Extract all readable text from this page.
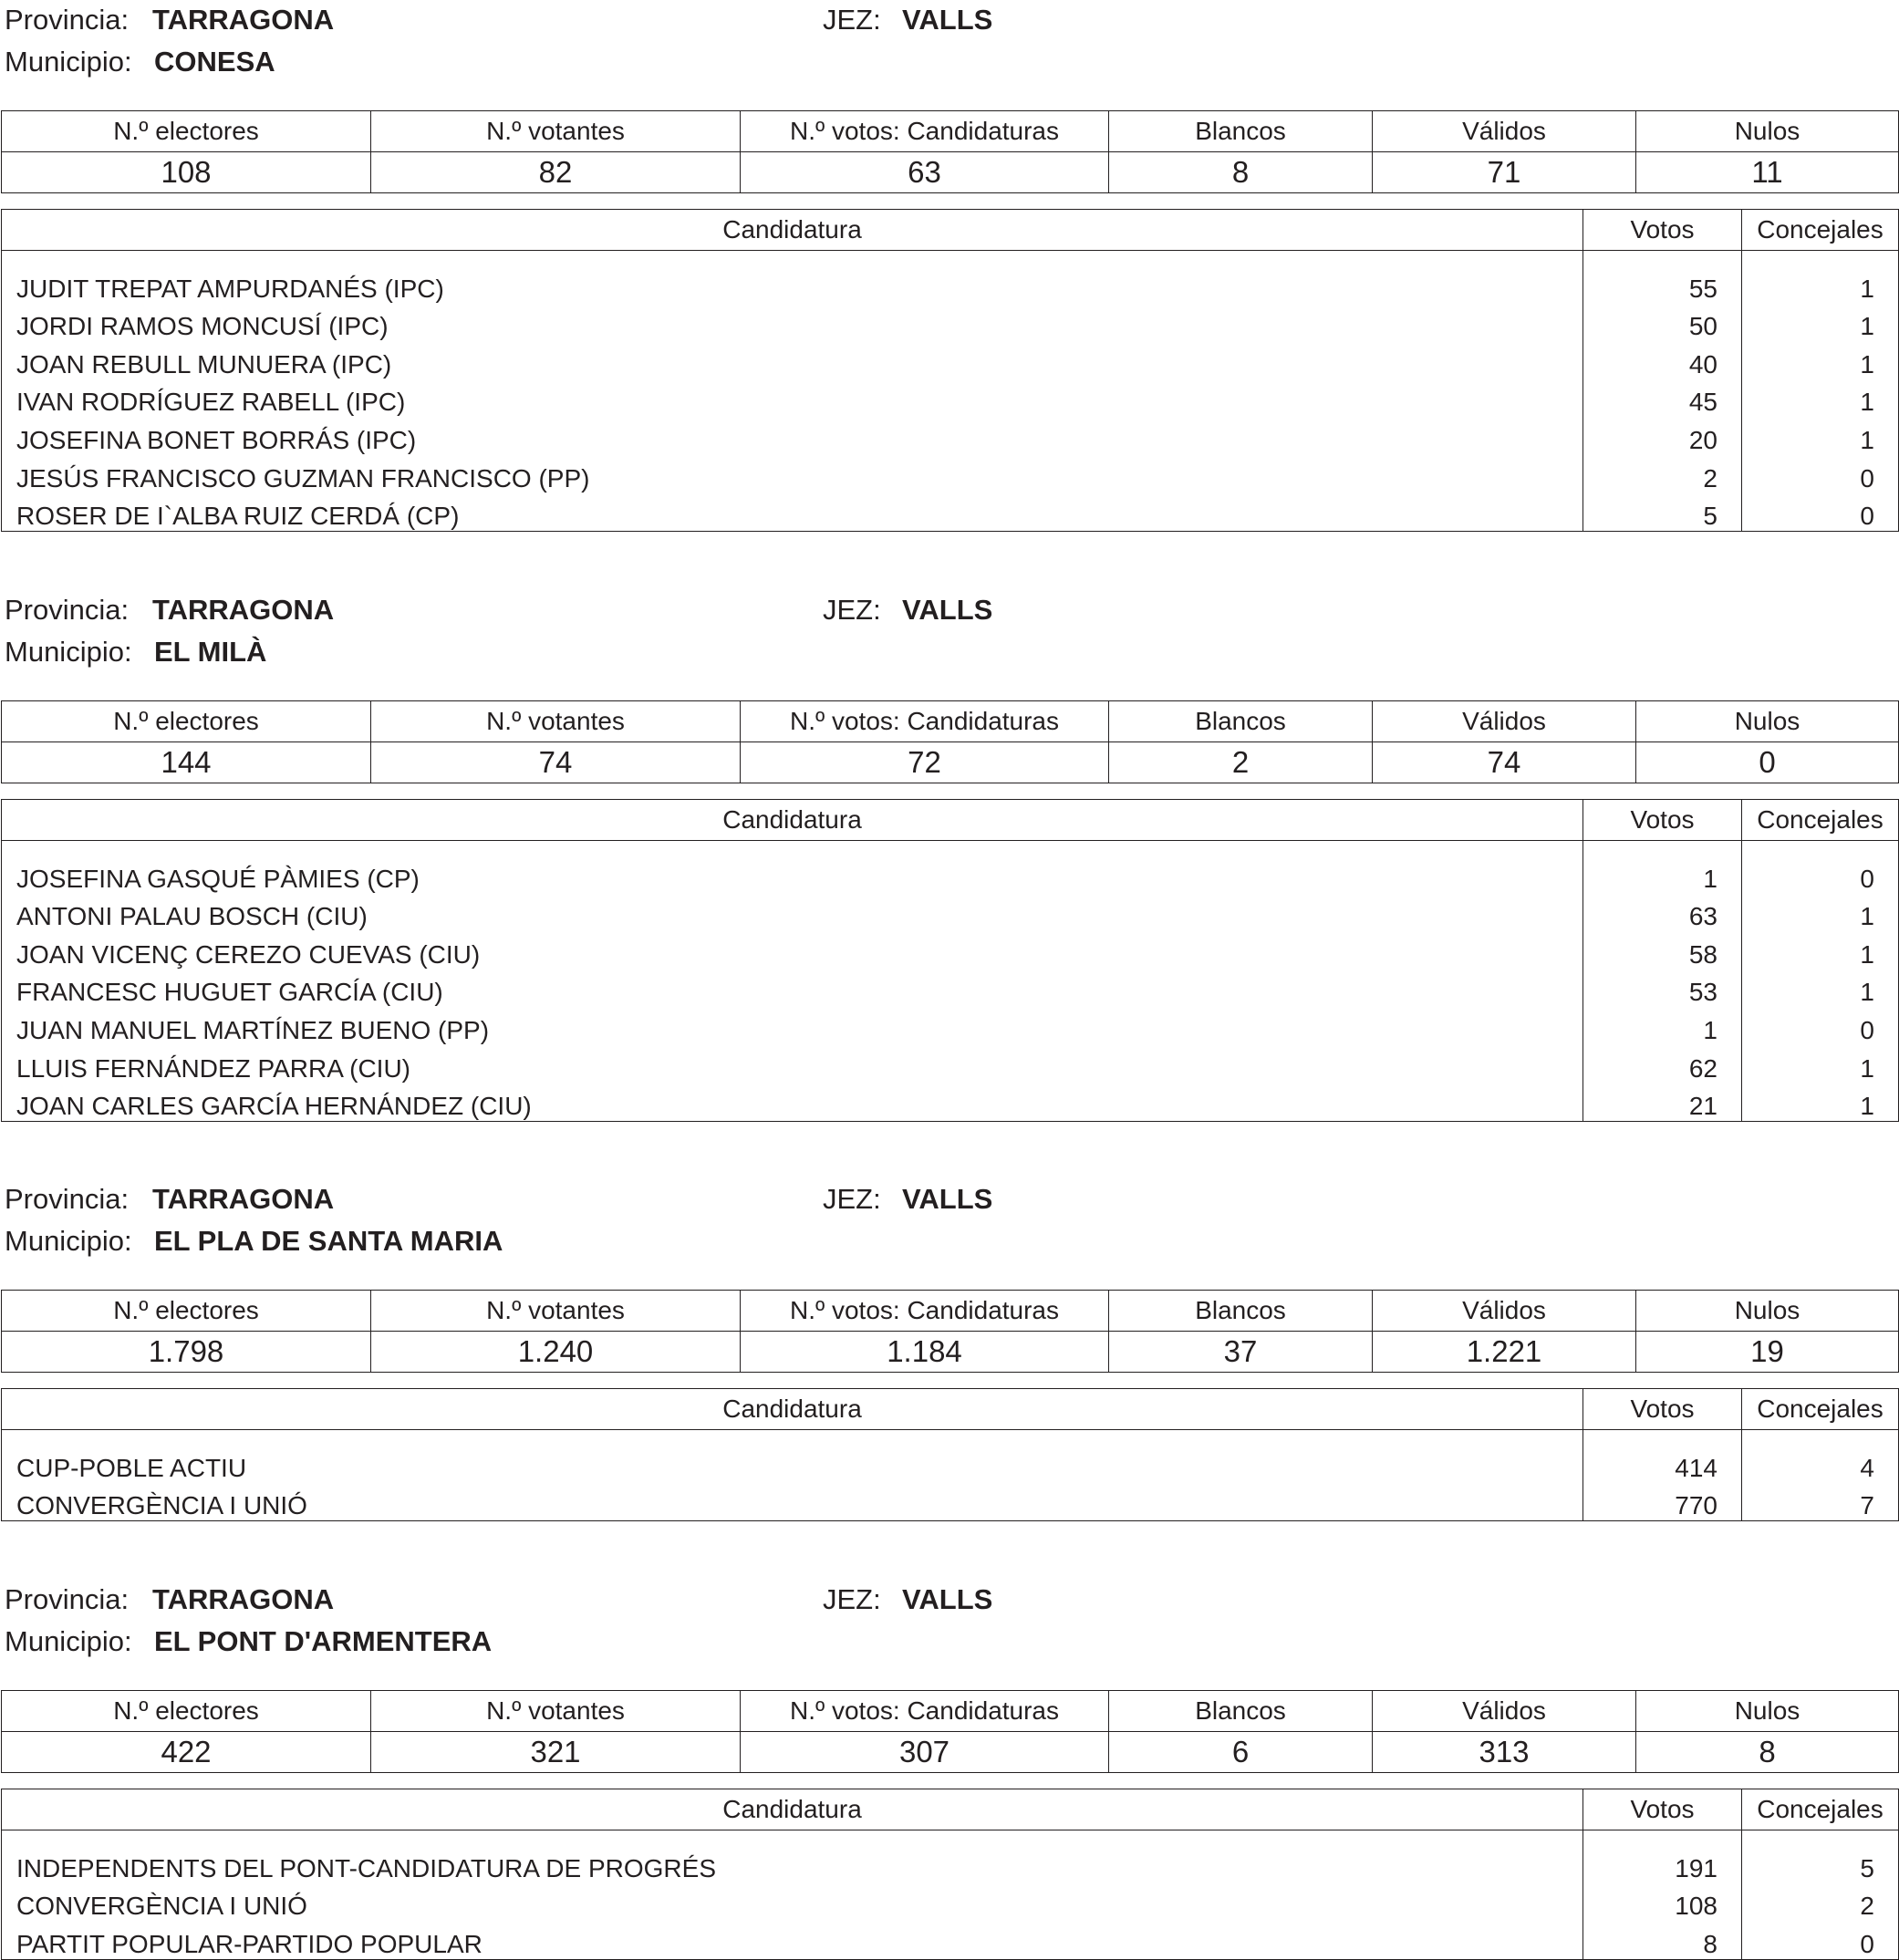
Provincia: TARRAGONA
Municipio: CONESA
JEZ: VALLS
N.º electores	N.º votantes	N.º votos: Candidaturas	Blancos	Válidos	Nulos
108	82	63	8	71	11
Candidatura	Votos	Concejales
JUDIT TREPAT AMPURDANÉS (IPC)	55	1
JORDI RAMOS MONCUSÍ (IPC)	50	1
JOAN REBULL MUNUERA (IPC)	40	1
IVAN RODRÍGUEZ RABELL (IPC)	45	1
JOSEFINA BONET BORRÁS (IPC)	20	1
JESÚS FRANCISCO GUZMAN FRANCISCO (PP)	2	0
ROSER DE I`ALBA RUIZ CERDÁ (CP)	5	0
Provincia: TARRAGONA
Municipio: EL MILÀ
JEZ: VALLS
N.º electores	N.º votantes	N.º votos: Candidaturas	Blancos	Válidos	Nulos
144	74	72	2	74	0
Candidatura	Votos	Concejales
JOSEFINA GASQUÉ PÀMIES (CP)	1	0
ANTONI PALAU BOSCH (CIU)	63	1
JOAN VICENÇ CEREZO CUEVAS (CIU)	58	1
FRANCESC HUGUET GARCÍA (CIU)	53	1
JUAN MANUEL MARTÍNEZ BUENO (PP)	1	0
LLUIS FERNÁNDEZ PARRA (CIU)	62	1
JOAN CARLES GARCÍA HERNÁNDEZ (CIU)	21	1
Provincia: TARRAGONA
Municipio: EL PLA DE SANTA MARIA
JEZ: VALLS
N.º electores	N.º votantes	N.º votos: Candidaturas	Blancos	Válidos	Nulos
1.798	1.240	1.184	37	1.221	19
Candidatura	Votos	Concejales
CUP-POBLE ACTIU	414	4
CONVERGÈNCIA I UNIÓ	770	7
Provincia: TARRAGONA
Municipio: EL PONT D'ARMENTERA
JEZ: VALLS
N.º electores	N.º votantes	N.º votos: Candidaturas	Blancos	Válidos	Nulos
422	321	307	6	313	8
Candidatura	Votos	Concejales
INDEPENDENTS DEL PONT-CANDIDATURA DE PROGRÉS	191	5
CONVERGÈNCIA I UNIÓ	108	2
PARTIT POPULAR-PARTIDO POPULAR	8	0
